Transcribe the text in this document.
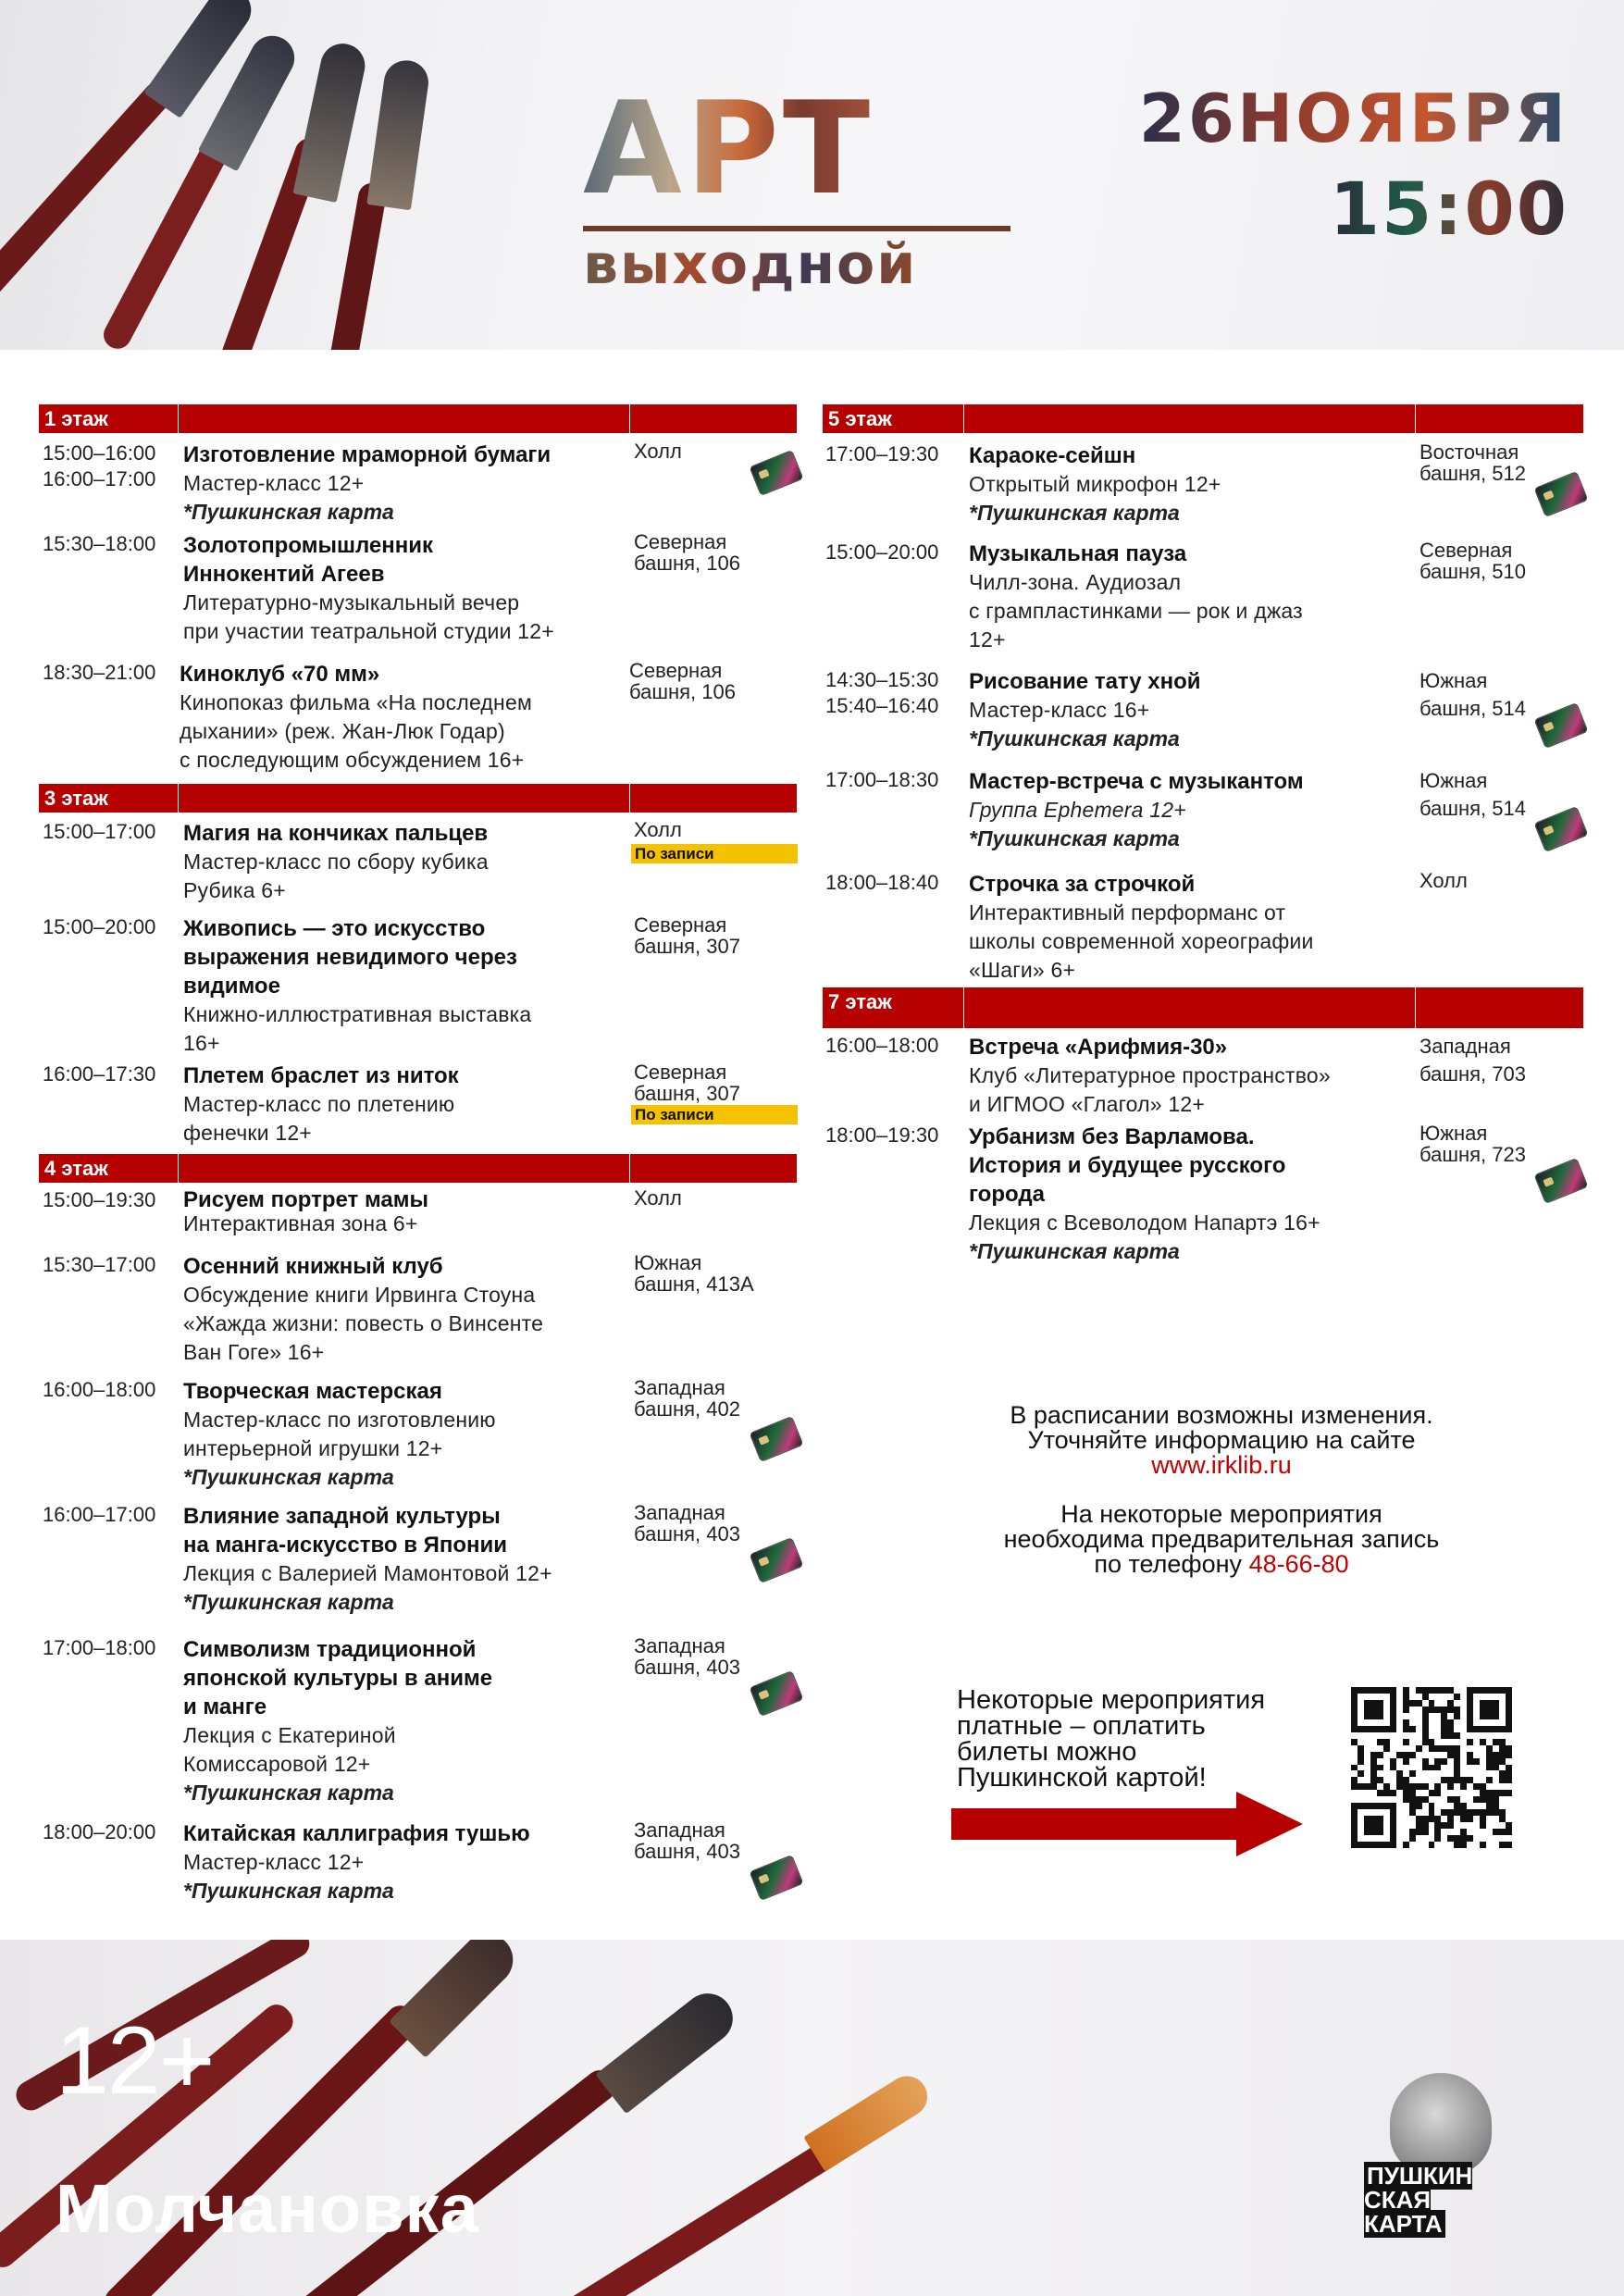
АРТ
выходной
26НОЯБРЯ
15:00
1 этаж
15:00–16:00
16:00–17:00
Изготовление мраморной бумаги
Мастер-класс 12+
*Пушкинская карта
Холл
15:30–18:00 Золотопромышленник
Иннокентий Агеев
Литературно-музыкальный вечер
при участии театральной студии 12+
Северная
башня, 106
18:30–21:00 Киноклуб «70 мм»
Кинопоказ фильма «На последнем
дыхании» (реж. Жан-Люк Годар)
с последующим обсуждением 16+
Северная
башня, 106
3 этаж
15:00–17:00 Магия на кончиках пальцев
Мастер-класс по сбору кубика
Рубика 6+
Холл
По записи
15:00–20:00 Живопись — это искусство
выражения невидимого через
видимое
Книжно-иллюстративная выставка
16+
Северная
башня, 307
16:00–17:30 Плетем браслет из ниток
Мастер-класс по плетению
фенечки 12+
Северная
башня, 307
По записи
4 этаж
15:00–19:30 Рисуем портрет мамы
Интерактивная зона 6+
Холл
15:30–17:00 Осенний книжный клуб
Обсуждение книги Ирвинга Стоуна
«Жажда жизни: повесть о Винсенте
Ван Гоге» 16+
Южная
башня, 413А
16:00–18:00 Творческая мастерская
Мастер-класс по изготовлению
интерьерной игрушки 12+
*Пушкинская карта
Западная
башня, 402
16:00–17:00 Влияние западной культуры
на манга-искусство в Японии
Лекция с Валерией Мамонтовой 12+
*Пушкинская карта
Западная
башня, 403
17:00–18:00 Символизм традиционной
японской культуры в аниме
и манге
Лекция с Екатериной
Комиссаровой 12+
*Пушкинская карта
Западная
башня, 403
18:00–20:00 Китайская каллиграфия тушью
Мастер-класс 12+
*Пушкинская карта
Западная
башня, 403
5 этаж
17:00–19:30 Караоке-сейшн
Открытый микрофон 12+
*Пушкинская карта
Восточная
башня, 512
15:00–20:00 Музыкальная пауза
Чилл-зона. Аудиозал
с грампластинками — рок и джаз
12+
Северная
башня, 510
14:30–15:30
15:40–16:40
Рисование тату хной
Мастер-класс 16+
*Пушкинская карта
Южная
башня, 514
17:00–18:30 Мастер-встреча с музыкантом
Группа Ephemera 12+
*Пушкинская карта
Южная
башня, 514
18:00–18:40 Строчка за строчкой
Интерактивный перформанс от
школы современной хореографии
«Шаги» 6+
Холл
7 этаж
16:00–18:00 Встреча «Арифмия-30»
Клуб «Литературное пространство»
и ИГМОО «Глагол» 12+
Западная
башня, 703
18:00–19:30 Урбанизм без Варламова.
История и будущее русского
города
Лекция с Всеволодом Напартэ 16+
*Пушкинская карта
Южная
башня, 723
В расписании возможны изменения.
Уточняйте информацию на сайте
www.irklib.ru
На некоторые мероприятия
необходима предварительная запись
по телефону 48-66-80
Некоторые мероприятия
платные – оплатить
билеты можно
Пушкинской картой!
12+
Молчановка	ПУШКИН
СКАЯ
КАРТА
